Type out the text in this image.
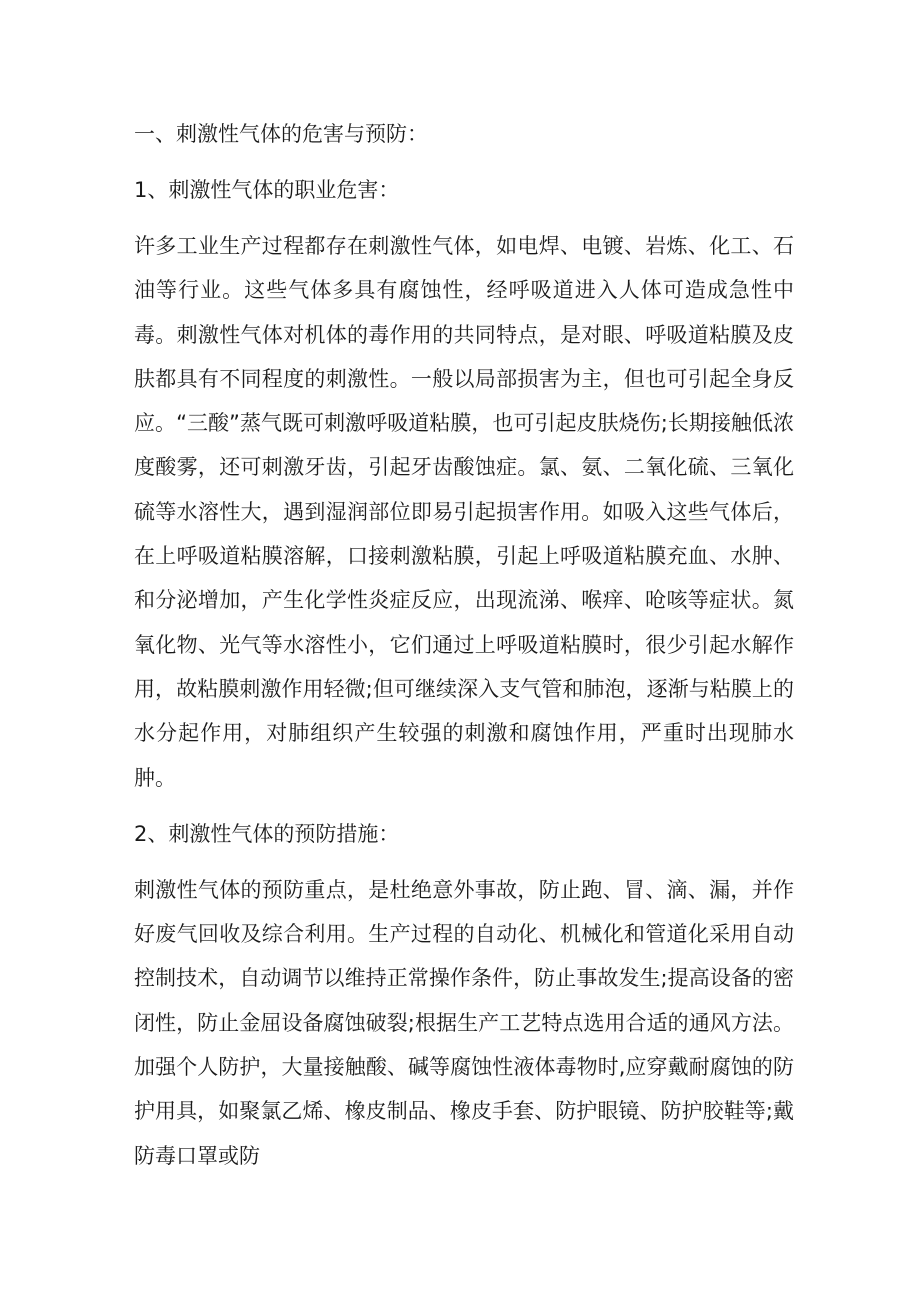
一、刺激性气体的危害与预防：

1、刺激性气体的职业危害：

许多工业生产过程都存在刺激性气体，如电焊、电镀、岩炼、化工、石油等行业。这些气体多具有腐蚀性，经呼吸道进入人体可造成急性中毒。刺激性气体对机体的毒作用的共同特点，是对眼、呼吸道粘膜及皮肤都具有不同程度的刺激性。一般以局部损害为主，但也可引起全身反应。“三酸”蒸气既可刺激呼吸道粘膜，也可引起皮肤烧伤;长期接触低浓度酸雾，还可刺激牙齿，引起牙齿酸蚀症。氯、氨、二氧化硫、三氧化硫等水溶性大，遇到湿润部位即易引起损害作用。如吸入这些气体后，在上呼吸道粘膜溶解，口接刺激粘膜，引起上呼吸道粘膜充血、水肿、和分泌增加，产生化学性炎症反应，出现流涕、喉痒、呛咳等症状。氮氧化物、光气等水溶性小，它们通过上呼吸道粘膜时，很少引起水解作用，故粘膜刺激作用轻微;但可继续深入支气管和肺泡，逐渐与粘膜上的水分起作用，对肺组织产生较强的刺激和腐蚀作用，严重时出现肺水肿。

2、刺激性气体的预防措施：

刺激性气体的预防重点，是杜绝意外事故，防止跑、冒、滴、漏，并作好废气回收及综合利用。生产过程的自动化、机械化和管道化采用自动控制技术，自动调节以维持正常操作条件，防止事故发生;提高设备的密闭性，防止金屈设备腐蚀破裂;根据生产工艺特点选用合适的通风方法。加强个人防护，大量接触酸、碱等腐蚀性液体毒物时,应穿戴耐腐蚀的防护用具，如聚氯乙烯、橡皮制品、橡皮手套、防护眼镜、防护胶鞋等;戴防毒口罩或防
